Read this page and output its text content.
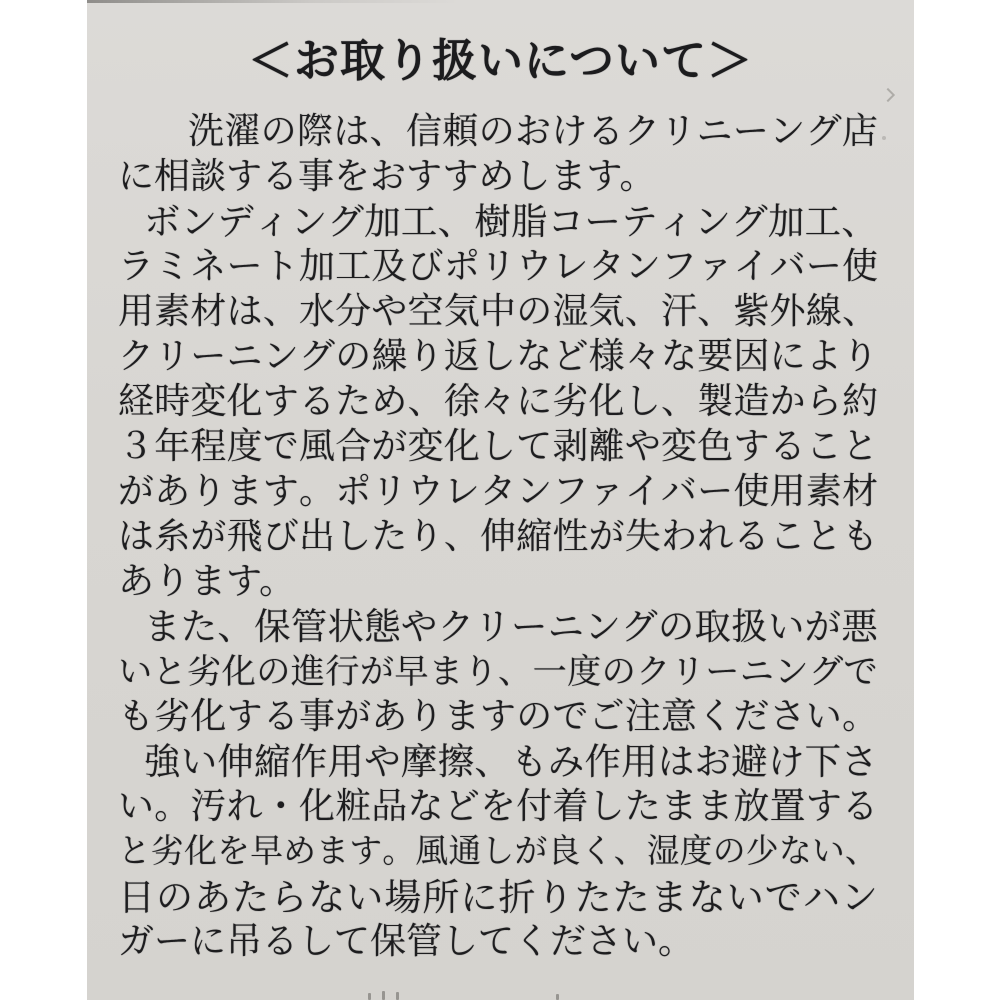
＜お取り扱いについて＞
洗 濯 の 際 は 、 信 頼 の お け る ク リ ニ ー ン グ 店
に相談する事をおすすめします。
ボ ン デ ィ ン グ 加 工 、 樹 脂 コ ー テ ィ ン グ 加 工 、
ラ ミ ネ ー ト 加 工 及 び ポ リ ウ レ タ ン フ ァ イ バ ー 使
用 素 材 は 、 水 分 や 空 気 中 の 湿 気 、 汗 、 紫 外 線 、
ク リ ー ニ ン グ の 繰 り 返 し な ど 様 々 な 要 因 に よ り
経 時 変 化 す る た め 、 徐 々 に 劣 化 し 、 製 造 か ら 約
３ 年 程 度 で 風 合 が 変 化 し て 剥 離 や 変 色 す る こ と
が あ り ま す 。 ポ リ ウ レ タ ン フ ァ イ バ ー 使 用 素 材
は 糸 が 飛 び 出 し た り 、 伸 縮 性 が 失 わ れ る こ と も
あります。
ま た 、 保 管 状 態 や ク リ ー ニ ン グ の 取 扱 い が 悪
い と 劣 化 の 進 行 が 早 ま り 、 一 度 の ク リ ー ニ ン グ で
も 劣 化 す る 事 が あ り ま す の で ご 注 意 く だ さ い 。
強 い 伸 縮 作 用 や 摩 擦 、 も み 作 用 は お 避 け 下 さ
い 。 汚 れ ・ 化 粧 品 な ど を 付 着 し た ま ま 放 置 す る
と 劣 化 を 早 め ま す 。 風 通 し が 良 く 、 湿 度 の 少 な い 、
日 の あ た ら な い 場 所 に 折 り た た ま な い で ハ ン
ガーに吊るして保管してください。
